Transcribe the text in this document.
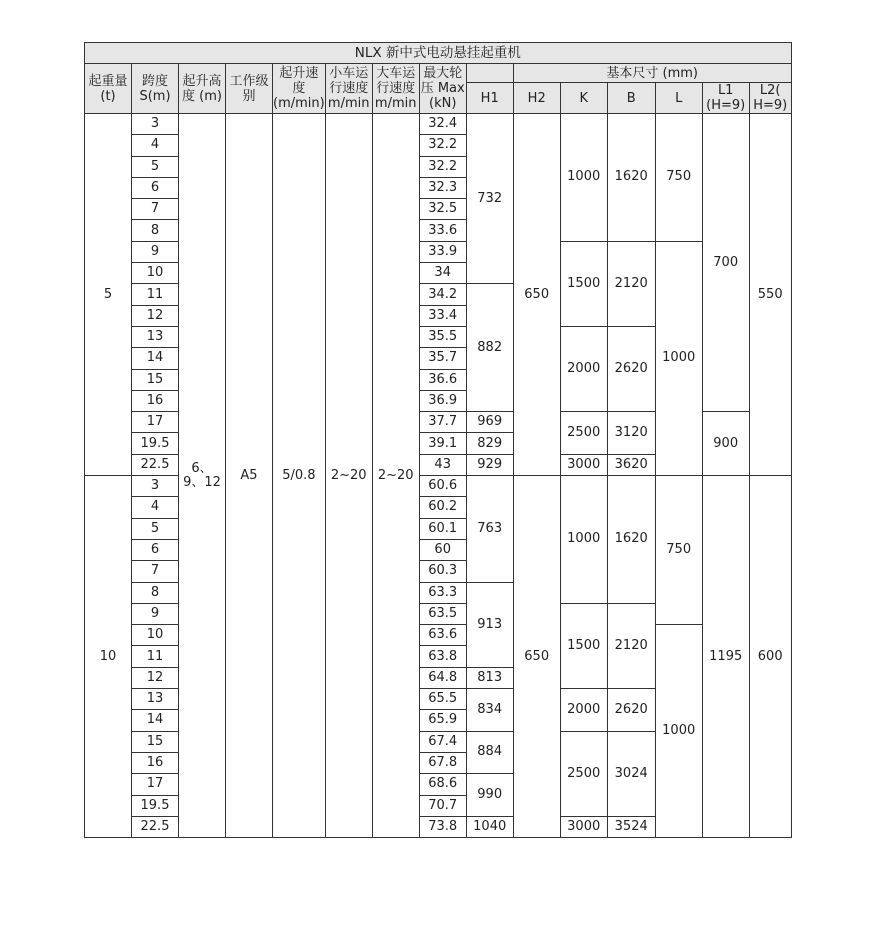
NLX 新中式电动悬挂起重机														
起重量(t)	跨度 S(m)	起升高度 (m)	工作级别	起升速度 (m/min)	小车运行速度 m/min	大车运行速度 m/min	最大轮压 Max (kN)		基本尺寸 (mm)					
								H1	H2	K	B	L	L1 (H=9)	L2( H=9)
5	3	6、9、12	A5	5/0.8	2~20	2~20	32.4	732	650	1000	1620	750	700	550
	4						32.2							
	5						32.2							
	6						32.3							
	7						32.5							
	8						33.6							
	9						33.9			1500	2120	1000		
	10						34							
	11						34.2	882						
	12						33.4							
	13						35.5			2000	2620			
	14						35.7							
	15						36.6							
	16						36.9							
	17						37.7	969		2500	3120		900	
	19.5						39.1	829						
	22.5						43	929		3000	3620			
10	3						60.6	763	650	1000	1620	750	1195	600
	4						60.2							
	5						60.1							
	6						60							
	7						60.3							
	8						63.3	913						
	9						63.5			1500	2120			
	10						63.6					1000		
	11						63.8							
	12						64.8	813						
	13						65.5	834		2000	2620			
	14						65.9							
	15						67.4	884		2500	3024			
	16						67.8							
	17						68.6	990						
	19.5						70.7							
	22.5						73.8	1040		3000	3524			
